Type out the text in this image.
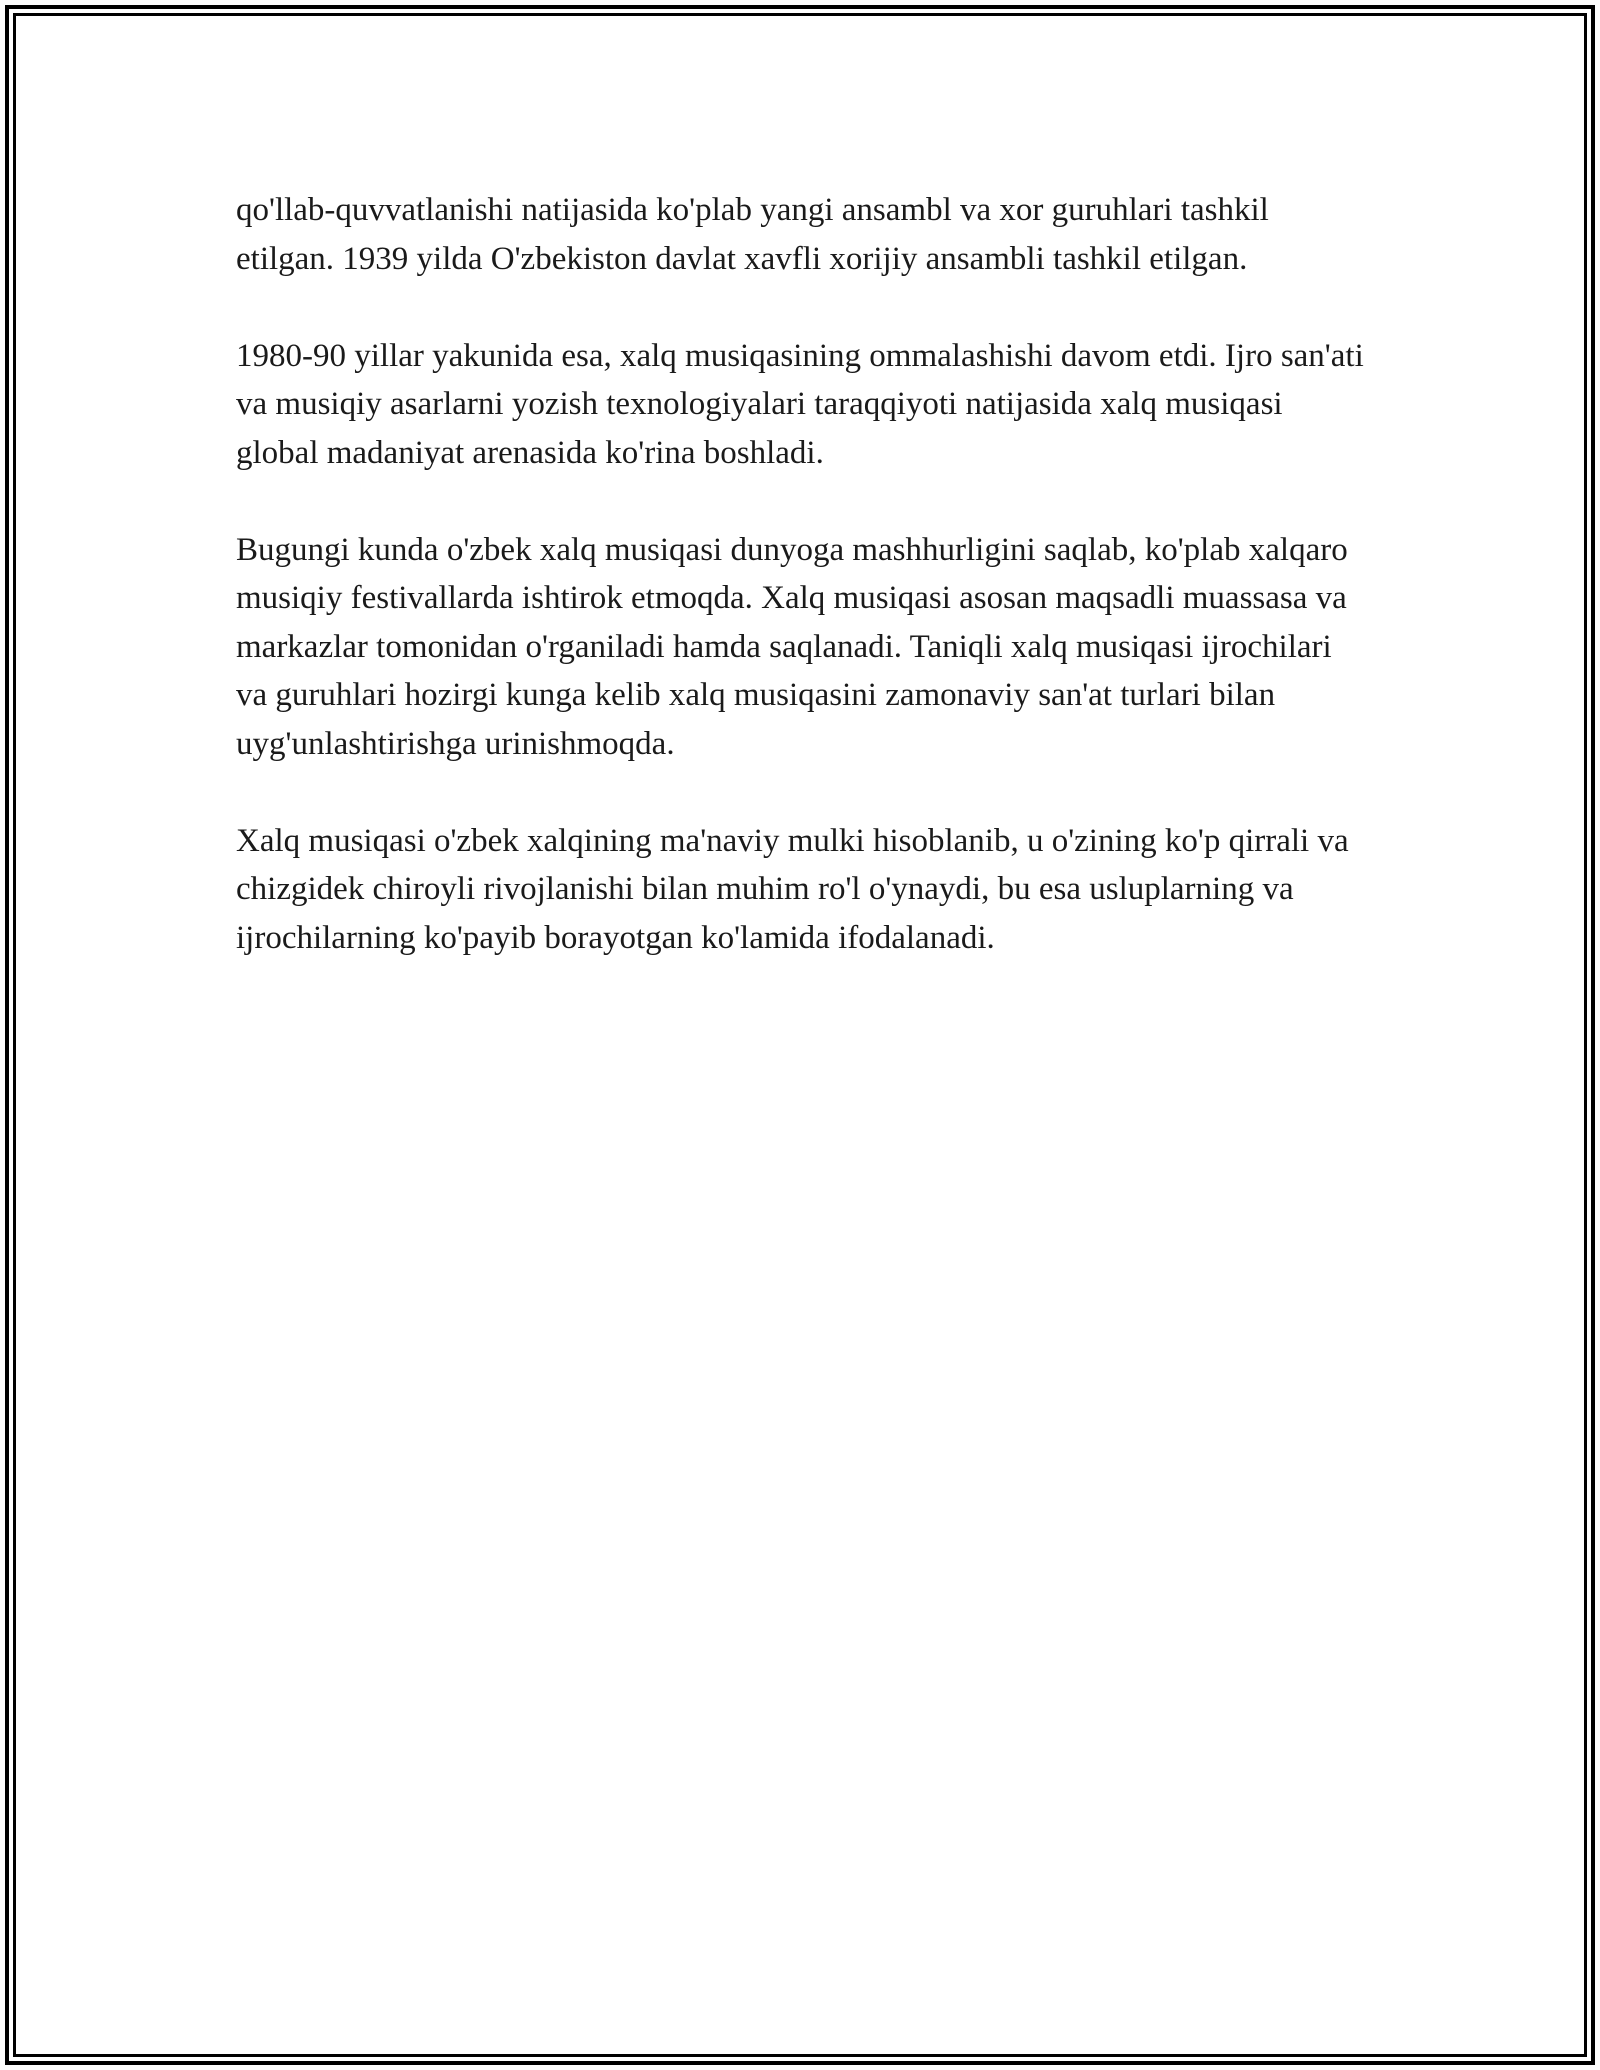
qo'llab-quvvatlanishi natijasida ko'plab yangi ansambl va xor guruhlari tashkil etilgan. 1939 yilda O'zbekiston davlat xavfli xorijiy ansambli tashkil etilgan.

1980-90 yillar yakunida esa, xalq musiqasining ommalashishi davom etdi. Ijro san'ati va musiqiy asarlarni yozish texnologiyalari taraqqiyoti natijasida xalq musiqasi global madaniyat arenasida ko'rina boshladi.

Bugungi kunda o'zbek xalq musiqasi dunyoga mashhurligini saqlab, ko'plab xalqaro musiqiy festivallarda ishtirok etmoqda. Xalq musiqasi asosan maqsadli muassasa va markazlar tomonidan o'rganiladi hamda saqlanadi. Taniqli xalq musiqasi ijrochilari va guruhlari hozirgi kunga kelib xalq musiqasini zamonaviy san'at turlari bilan uyg'unlashtirishga urinishmoqda.

Xalq musiqasi o'zbek xalqining ma'naviy mulki hisoblanib, u o'zining ko'p qirrali va chizgidek chiroyli rivojlanishi bilan muhim ro'l o'ynaydi, bu esa usluplarning va ijrochilarning ko'payib borayotgan ko'lamida ifodalanadi.
